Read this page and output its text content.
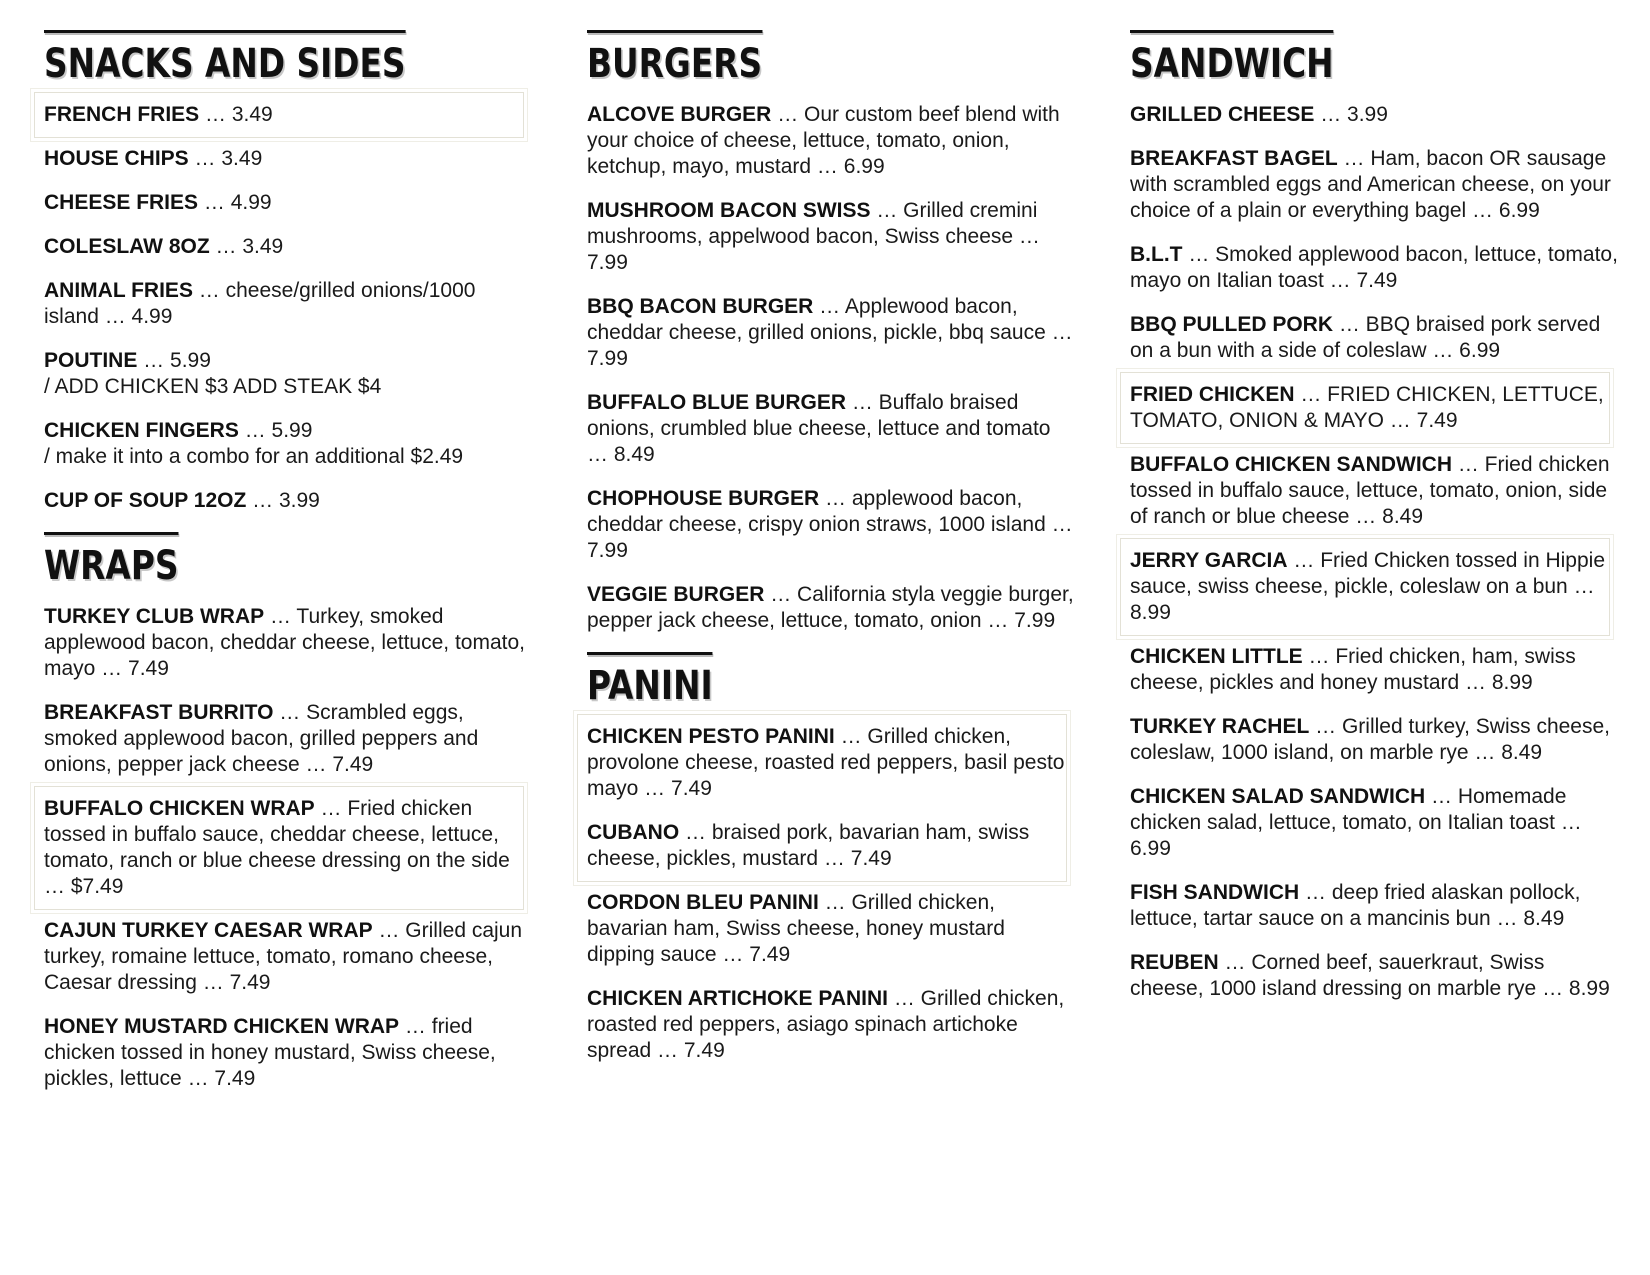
SNACKS AND SIDES
FRENCH FRIES … 3.49
HOUSE CHIPS … 3.49
CHEESE FRIES … 4.99
COLESLAW 8OZ … 3.49
ANIMAL FRIES … cheese/grilled onions/1000 island … 4.99
POUTINE … 5.99
/ ADD CHICKEN $3 ADD STEAK $4
CHICKEN FINGERS … 5.99
/ make it into a combo for an additional $2.49
CUP OF SOUP 12OZ … 3.99
WRAPS
TURKEY CLUB WRAP … Turkey, smoked applewood bacon, cheddar cheese, lettuce, tomato, mayo … 7.49
BREAKFAST BURRITO … Scrambled eggs, smoked applewood bacon, grilled peppers and onions, pepper jack cheese … 7.49
BUFFALO CHICKEN WRAP … Fried chicken tossed in buffalo sauce, cheddar cheese, lettuce, tomato, ranch or blue cheese dressing on the side … $7.49
CAJUN TURKEY CAESAR WRAP … Grilled cajun turkey, romaine lettuce, tomato, romano cheese, Caesar dressing … 7.49
HONEY MUSTARD CHICKEN WRAP … fried chicken tossed in honey mustard, Swiss cheese, pickles, lettuce … 7.49
BURGERS
ALCOVE BURGER … Our custom beef blend with your choice of cheese, lettuce, tomato, onion, ketchup, mayo, mustard … 6.99
MUSHROOM BACON SWISS … Grilled cremini mushrooms, appelwood bacon, Swiss cheese … 7.99
BBQ BACON BURGER … Applewood bacon, cheddar cheese, grilled onions, pickle, bbq sauce … 7.99
BUFFALO BLUE BURGER … Buffalo braised onions, crumbled blue cheese, lettuce and tomato … 8.49
CHOPHOUSE BURGER … applewood bacon, cheddar cheese, crispy onion straws, 1000 island … 7.99
VEGGIE BURGER … California styla veggie burger, pepper jack cheese, lettuce, tomato, onion … 7.99
PANINI
CHICKEN PESTO PANINI … Grilled chicken, provolone cheese, roasted red peppers, basil pesto mayo … 7.49
CUBANO … braised pork, bavarian ham, swiss cheese, pickles, mustard … 7.49
CORDON BLEU PANINI … Grilled chicken, bavarian ham, Swiss cheese, honey mustard dipping sauce … 7.49
CHICKEN ARTICHOKE PANINI … Grilled chicken, roasted red peppers, asiago spinach artichoke spread … 7.49
SANDWICH
GRILLED CHEESE … 3.99
BREAKFAST BAGEL … Ham, bacon OR sausage with scrambled eggs and American cheese, on your choice of a plain or everything bagel … 6.99
B.L.T … Smoked applewood bacon, lettuce, tomato, mayo on Italian toast … 7.49
BBQ PULLED PORK … BBQ braised pork served on a bun with a side of coleslaw … 6.99
FRIED CHICKEN … FRIED CHICKEN, LETTUCE, TOMATO, ONION & MAYO … 7.49
BUFFALO CHICKEN SANDWICH … Fried chicken tossed in buffalo sauce, lettuce, tomato, onion, side of ranch or blue cheese … 8.49
JERRY GARCIA … Fried Chicken tossed in Hippie sauce, swiss cheese, pickle, coleslaw on a bun … 8.99
CHICKEN LITTLE … Fried chicken, ham, swiss cheese, pickles and honey mustard … 8.99
TURKEY RACHEL … Grilled turkey, Swiss cheese, coleslaw, 1000 island, on marble rye … 8.49
CHICKEN SALAD SANDWICH … Homemade chicken salad, lettuce, tomato, on Italian toast … 6.99
FISH SANDWICH … deep fried alaskan pollock, lettuce, tartar sauce on a mancinis bun … 8.49
REUBEN … Corned beef, sauerkraut, Swiss cheese, 1000 island dressing on marble rye … 8.99
